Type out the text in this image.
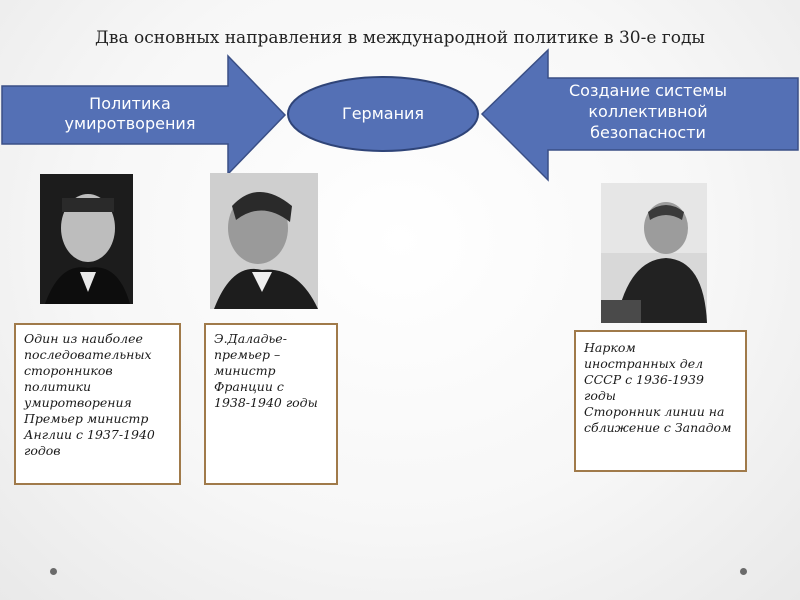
Два основных направления в международной политике в 30-е годы
Политика
умиротворения
Германия
Создание системы
коллективной
безопасности
Один из наиболее
последовательных
сторонников
политики
умиротворения
Премьер министр
Англии с 1937-1940
годов
Э.Даладье-
премьер –
министр
Франции с
1938-1940 годы
Нарком
иностранных дел
СССР с 1936-1939
годы
Сторонник линии на
сближение с Западом
